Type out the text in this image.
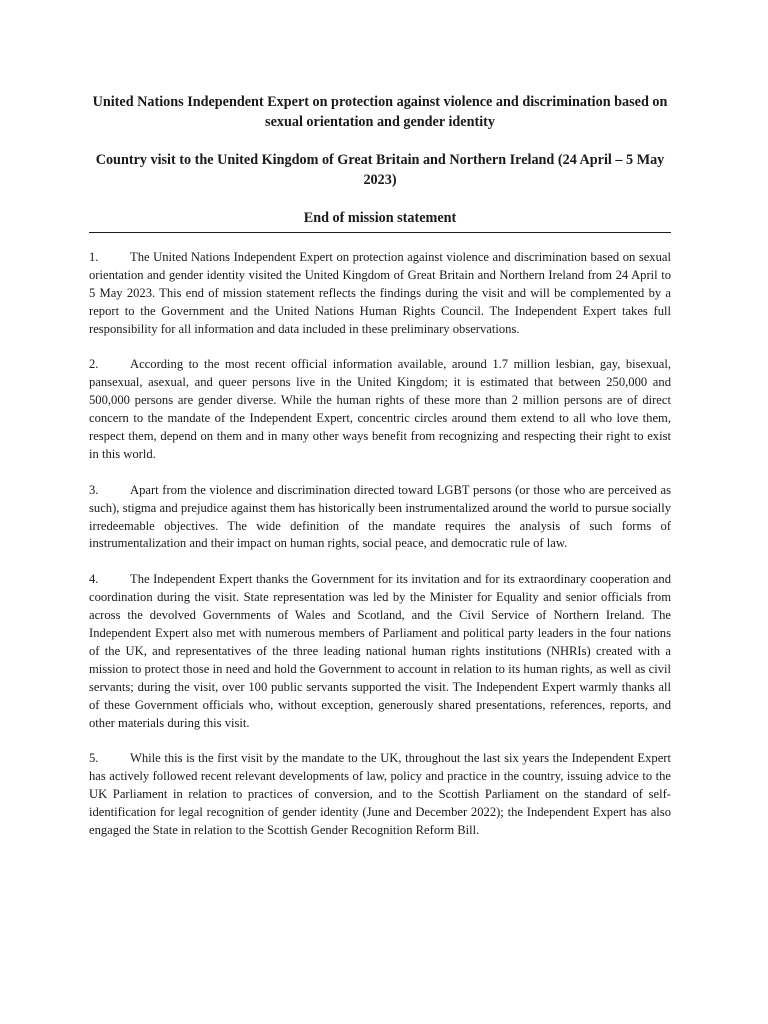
United Nations Independent Expert on protection against violence and discrimination based on sexual orientation and gender identity

Country visit to the United Kingdom of Great Britain and Northern Ireland (24 April – 5 May 2023)

End of mission statement

1.	The United Nations Independent Expert on protection against violence and discrimination based on sexual orientation and gender identity visited the United Kingdom of Great Britain and Northern Ireland from 24 April to 5 May 2023. This end of mission statement reflects the findings during the visit and will be complemented by a report to the Government and the United Nations Human Rights Council. The Independent Expert takes full responsibility for all information and data included in these preliminary observations.

2.	According to the most recent official information available, around 1.7 million lesbian, gay, bisexual, pansexual, asexual, and queer persons live in the United Kingdom; it is estimated that between 250,000 and 500,000 persons are gender diverse. While the human rights of these more than 2 million persons are of direct concern to the mandate of the Independent Expert, concentric circles around them extend to all who love them, respect them, depend on them and in many other ways benefit from recognizing and respecting their right to exist in this world.

3.	Apart from the violence and discrimination directed toward LGBT persons (or those who are perceived as such), stigma and prejudice against them has historically been instrumentalized around the world to pursue socially irredeemable objectives. The wide definition of the mandate requires the analysis of such forms of instrumentalization and their impact on human rights, social peace, and democratic rule of law.

4.	The Independent Expert thanks the Government for its invitation and for its extraordinary cooperation and coordination during the visit. State representation was led by the Minister for Equality and senior officials from across the devolved Governments of Wales and Scotland, and the Civil Service of Northern Ireland. The Independent Expert also met with numerous members of Parliament and political party leaders in the four nations of the UK, and representatives of the three leading national human rights institutions (NHRIs) created with a mission to protect those in need and hold the Government to account in relation to its human rights, as well as civil servants; during the visit, over 100 public servants supported the visit. The Independent Expert warmly thanks all of these Government officials who, without exception, generously shared presentations, references, reports, and other materials during this visit.

5.	While this is the first visit by the mandate to the UK, throughout the last six years the Independent Expert has actively followed recent relevant developments of law, policy and practice in the country, issuing advice to the UK Parliament in relation to practices of conversion, and to the Scottish Parliament on the standard of self-identification for legal recognition of gender identity (June and December 2022); the Independent Expert has also engaged the State in relation to the Scottish Gender Recognition Reform Bill.
